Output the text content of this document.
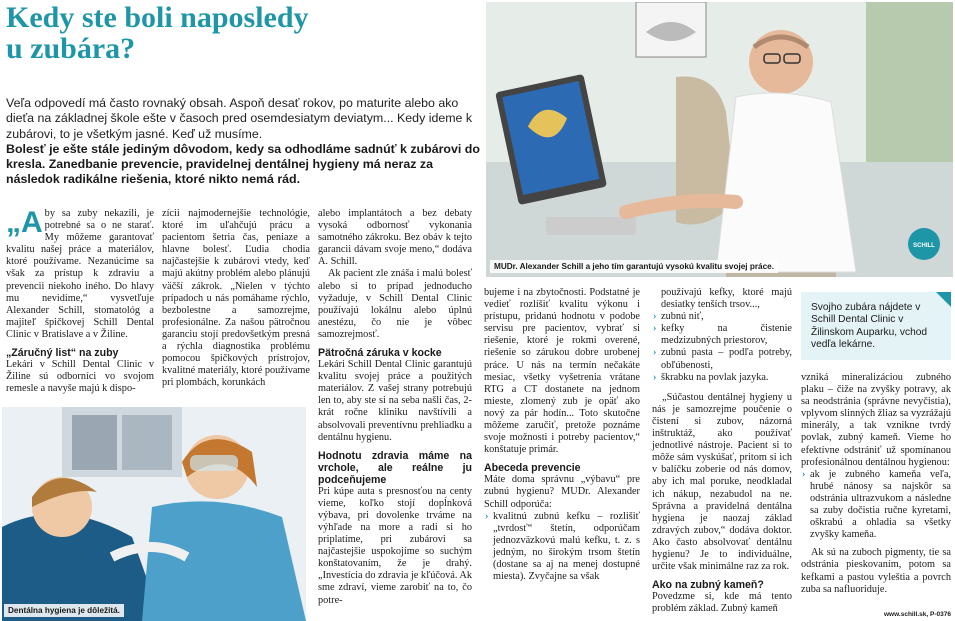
Kedy ste boli naposledy
u zubára?
Veľa odpovedí má často rovnaký obsah. Aspoň desať rokov, po maturite alebo ako dieťa na základnej škole ešte v časoch pred osemdesiatym deviatym... Kedy ideme k zubárovi, to je všetkým jasné. Keď už musíme.
Bolesť je ešte stále jediným dôvodom, kedy sa odhodláme sadnúť k zubárovi do kresla. Zanedbanie prevencie, pravidelnej dentálnej hygieny má neraz za následok radikálne riešenia, ktoré nikto nemá rád.
SCHILL
MUDr. Alexander Schill a jeho tím garantujú vysokú kvalitu svojej práce.
Dentálna hygiena je dôležitá.

„Aby sa zuby nekazili, je potrebné sa o ne starať. My môžeme garantovať kvalitu našej práce a materiálov, ktoré používame. Nezanúcime sa však za prístup k zdraviu a prevencii niekoho iného. Do hlavy mu nevidíme,“ vysvetľuje Alexander Schill, stomatológ a majiteľ špičkovej Schill Dental Clinic v Bratislave a v Žiline.

„Záručný list“ na zuby

Lekári v Schill Dental Clinic v Žiline sú odborníci vo svojom remesle a navyše majú k dispo-

zícii najmodernejšie technológie, ktoré im uľahčujú prácu a pacientom šetria čas, peniaze a hlavne bolesť. Ľudia chodia najčastejšie k zubárovi vtedy, keď majú akútny problém alebo plánujú väčší zákrok. „Nielen v týchto prípadoch u nás pomáhame rýchlo, bezbolestne a samozrejme, profesionálne. Za našou pätročnou garanciu stojí predovšetkým presná a rýchla diagnostika problému pomocou špičkových prístrojov, kvalitné materiály, ktoré používame pri plombách, korunkách

alebo implantátoch a bez debaty vysoká odbornosť vykonania samotného zákroku. Bez obáv k tejto garancii dávam svoje meno,“ dodáva A. Schill.

Ak pacient zle znáša i malú bolesť alebo si to prípad jednoducho vyžaduje, v Schill Dental Clinic používajú lokálnu alebo úplnú anestézu, čo nie je vôbec samozrejmosť.

Pätročná záruka v kocke

Lekári Schill Dental Clinic garantujú kvalitu svojej práce a použitých materiálov. Z vašej strany potrebujú len to, aby ste si na seba našli čas, 2-krát ročne kliniku navštívili a absolvovali preventívnu prehliadku a dentálnu hygienu.

Hodnotu zdravia máme na vrchole, ale reálne ju podceňujeme

Pri kúpe auta s presnosťou na centy vieme, koľko stojí dopĺnková výbava, pri dovolenke trváme na výhľade na more a radi si ho priplatíme, pri zubárovi sa najčastejšie uspokojíme so suchým konštatovaním, že je drahý. „Investícia do zdravia je kľúčová. Ak sme zdraví, vieme zarobiť na to, čo potre-

bujeme i na zbytočnosti. Podstatné je vedieť rozlíšiť kvalitu výkonu i prístupu, pridanú hodnotu v podobe servisu pre pacientov, vybrať si riešenie, ktoré je rokmi overené, riešenie so zárukou dobre urobenej práce. U nás na termín nečakáte mesiac, všetky vyšetrenia vrátane RTG a CT dostanete na jednom mieste, zlomený zub je opäť ako nový za pár hodín... Toto skutočne môžeme zaručiť, pretože poznáme svoje možnosti i potreby pacientov,“ konštatuje primár.

Abeceda prevencie

Máte doma správnu „výbavu“ pre zubnú hygienu? MUDr. Alexander Schill odporúča:

› kvalitnú zubnú kefku – rozlišiť „tvrdosť“ štetín, odporúčam jednozväzkovú malú kefku, t. z. s jedným, no širokým trsom štetín (dostane sa aj na menej dostupné miesta). Zvyčajne sa však

používajú kefky, ktoré majú desiatky tenších trsov...,

› zubnú niť,
› kefky na čistenie medzizubných priestorov,
› zubnú pasta – podľa potreby, obľúbenosti,
› škrabku na povlak jazyka.

„Súčastou dentálnej hygieny u nás je samozrejme poučenie o čistení si zubov, názorná inštruktáž, ako používať jednotlivé nástroje. Pacient si to môže sám vyskúšať, pritom si ich v balíčku zoberie od nás domov, aby ich mal poruke, neodkladal ich nákup, nezabudol na ne. Správna a pravidelná dentálna hygiena je naozaj základ zdravých zubov,“ dodáva doktor. Ako často absolvovať dentálnu hygienu? Je to individuálne, určite však minimálne raz za rok.

Ako na zubný kameň?

Povedzme si, kde má tento problém základ. Zubný kameň

Svojho zubára nájdete v Schill Dental Clinic v Žilinskom Auparku, vchod vedľa lekárne.

vzniká mineralizáciou zubného plaku – čiže na zvyšky potravy, ak sa neodstránia (správne nevyčistia), vplyvom slinných žliaz sa vyzrážajú minerály, a tak vznikne tvrdý povlak, zubný kameň. Vieme ho efektívne odstrániť už spomínanou profesionálnou dentálnou hygienou:

› ak je zubného kameňa veľa, hrubé nánosy sa najskôr sa odstránia ultrazvukom a následne sa zuby dočistia ručne kyretami, oškrabú a ohladia sa všetky zvyšky kameňa.

Ak sú na zuboch pigmenty, tie sa odstránia pieskovaním, potom sa kefkami a pastou vyleštia a povrch zuba sa nafluoriduje.

www.schill.sk, P-0376
